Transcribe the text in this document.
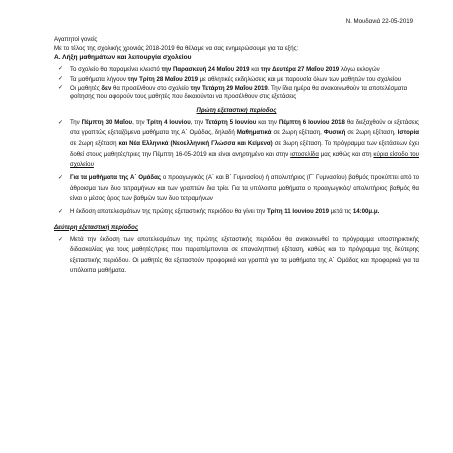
Ν. Μουδανιά 22-05-2019
Αγαπητοί γονείς
Με το τέλος της σχολικής χρονιάς 2018-2019 θα θέλαμε να σας ενημερώσουμε για τα εξής:
Α. Λήξη μαθημάτων και λειτουργία σχολείου
✓ Το σχολείο θα παραμείνει κλειστό την Παρασκευή 24 Μαΐου 2019 και την Δευτέρα 27 Μαΐου 2019 λόγω εκλογών
✓ Τα μαθήματα λήγουν την Τρίτη 28 Μαΐου 2019 με αθλητικές εκδηλώσεις και με παρουσία όλων των μαθητών του σχολείου
✓ Οι μαθητές δεν θα προσέλθουν στο σχολείο την Τετάρτη 29 Μαΐου 2019. Την ίδια ημέρα θα ανακοινωθούν τα αποτελέσματα φοίτησης που αφορούν τους μαθητές που δικαιούνται να προσέλθουν στις εξετάσεις
Πρώτη εξεταστική περίοδος
✓ Την Πέμπτη 30 Μαΐου, την Τρίτη 4 Ιουνίου, την Τετάρτη 5 Ιουνίου και την Πέμπτη 6 Ιουνίου 2018 θα διεξαχθούν οι εξετάσεις στα γραπτώς εξεταζόμενα μαθήματα της Α΄ Ομάδας, δηλαδή Μαθηματικά σε 2ωρη εξέταση, Φυσική σε 2ωρη εξέταση, Ιστορία σε 2ωρη εξέταση και Νέα Ελληνικά (Νεοελληνική Γλώσσα και Κείμενα) σε 3ωρη εξέταση. Το πρόγραμμα των εξετάσεων έχει δοθεί στους μαθητές/τριες την Πέμπτη 16-05-2019 και είναι ανηρτημένο και στην ιστοσελίδα μας καθώς και στη κύρια είσοδο του σχολείου
✓ Για τα μαθήματα της Α΄ Ομάδας ο προαγωγικός (Α΄ και Β΄ Γυμνασίου) ή απολυτήριος (Γ΄ Γυμνασίου) βαθμός προκύπτει από το άθροισμα των δυο τετραμήνων και των γραπτών δια τρία. Για τα υπόλοιπα μαθήματα ο προαγωγικός/ απολυτήριος βαθμός θα είναι ο μέσος όρος των βαθμών των δυο τετραμήνων
✓ Η έκδοση αποτελεσμάτων της πρώτης εξεταστικής περιόδου θα γίνει την Τρίτη 11 Ιουνίου 2019 μετά τις 14:00μ.μ.
Δεύτερη εξεταστική περίοδος
✓ Μετά την έκδοση των αποτελεσμάτων της πρώτης εξεταστικής περιόδου θα ανακοινωθεί το πρόγραμμα υποστηρικτικής διδασκαλίας για τους μαθητές/τριες που παραπέμπονται σε επαναληπτική εξέταση, καθώς και το πρόγραμμα της δεύτερης εξεταστικής περιόδου. Οι μαθητές θα εξεταστούν προφορικά και γραπτά για τα μαθήματα της Α΄ Ομάδας και προφορικά για τα υπόλοιπα μαθήματα.
